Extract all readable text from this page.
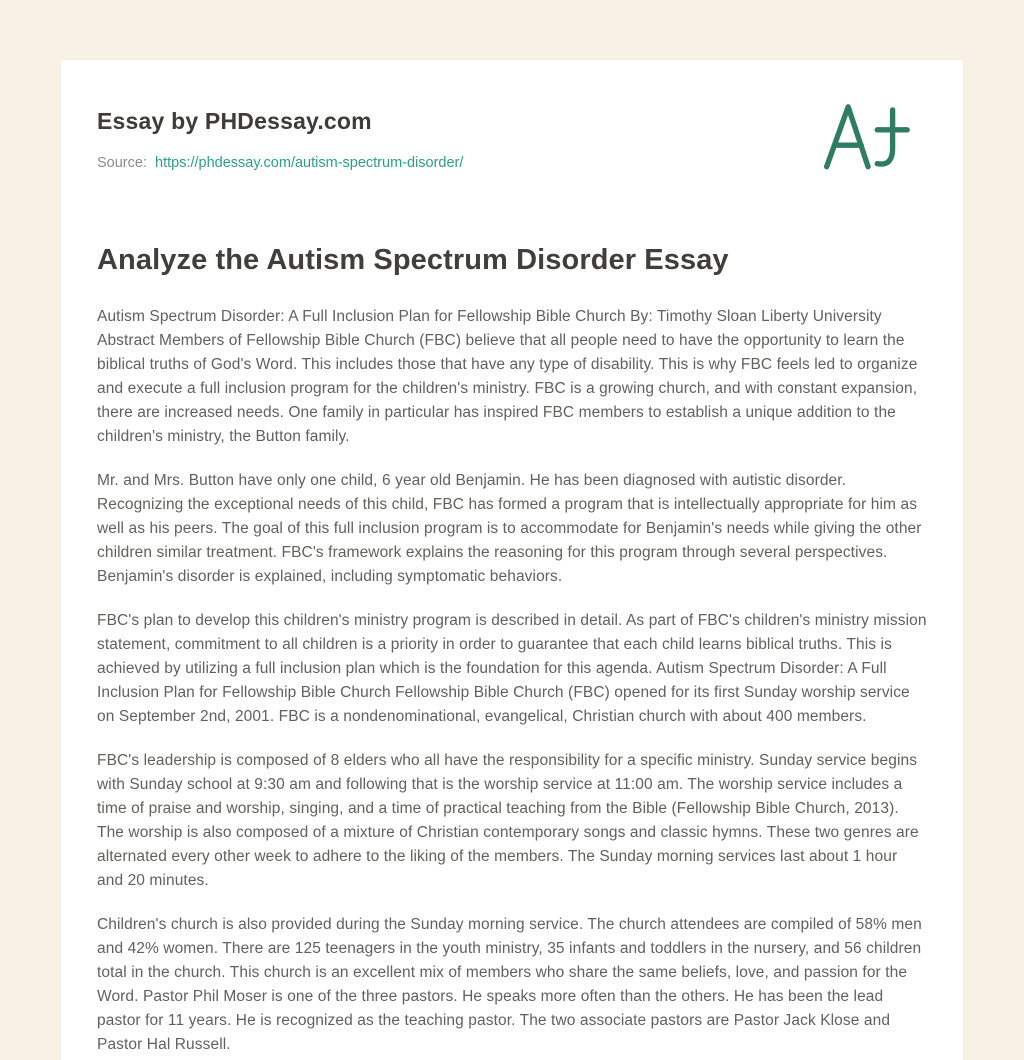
Essay by PHDessay.com

Source: https://phdessay.com/autism-spectrum-disorder/

Analyze the Autism Spectrum Disorder Essay

Autism Spectrum Disorder: A Full Inclusion Plan for Fellowship Bible Church By: Timothy Sloan Liberty University Abstract Members of Fellowship Bible Church (FBC) believe that all people need to have the opportunity to learn the biblical truths of God's Word. This includes those that have any type of disability. This is why FBC feels led to organize and execute a full inclusion program for the children's ministry. FBC is a growing church, and with constant expansion, there are increased needs. One family in particular has inspired FBC members to establish a unique addition to the children's ministry, the Button family.

Mr. and Mrs. Button have only one child, 6 year old Benjamin. He has been diagnosed with autistic disorder. Recognizing the exceptional needs of this child, FBC has formed a program that is intellectually appropriate for him as well as his peers. The goal of this full inclusion program is to accommodate for Benjamin's needs while giving the other children similar treatment. FBC's framework explains the reasoning for this program through several perspectives. Benjamin's disorder is explained, including symptomatic behaviors.

FBC's plan to develop this children's ministry program is described in detail. As part of FBC's children's ministry mission statement, commitment to all children is a priority in order to guarantee that each child learns biblical truths. This is achieved by utilizing a full inclusion plan which is the foundation for this agenda. Autism Spectrum Disorder: A Full Inclusion Plan for Fellowship Bible Church Fellowship Bible Church (FBC) opened for its first Sunday worship service on September 2nd, 2001. FBC is a nondenominational, evangelical, Christian church with about 400 members.

FBC's leadership is composed of 8 elders who all have the responsibility for a specific ministry. Sunday service begins with Sunday school at 9:30 am and following that is the worship service at 11:00 am. The worship service includes a time of praise and worship, singing, and a time of practical teaching from the Bible (Fellowship Bible Church, 2013). The worship is also composed of a mixture of Christian contemporary songs and classic hymns. These two genres are alternated every other week to adhere to the liking of the members. The Sunday morning services last about 1 hour and 20 minutes.

Children's church is also provided during the Sunday morning service. The church attendees are compiled of 58% men and 42% women. There are 125 teenagers in the youth ministry, 35 infants and toddlers in the nursery, and 56 children total in the church. This church is an excellent mix of members who share the same beliefs, love, and passion for the Word. Pastor Phil Moser is one of the three pastors. He speaks more often than the others. He has been the lead pastor for 11 years. He is recognized as the teaching pastor. The two associate pastors are Pastor Jack Klose and Pastor Hal Russell.
